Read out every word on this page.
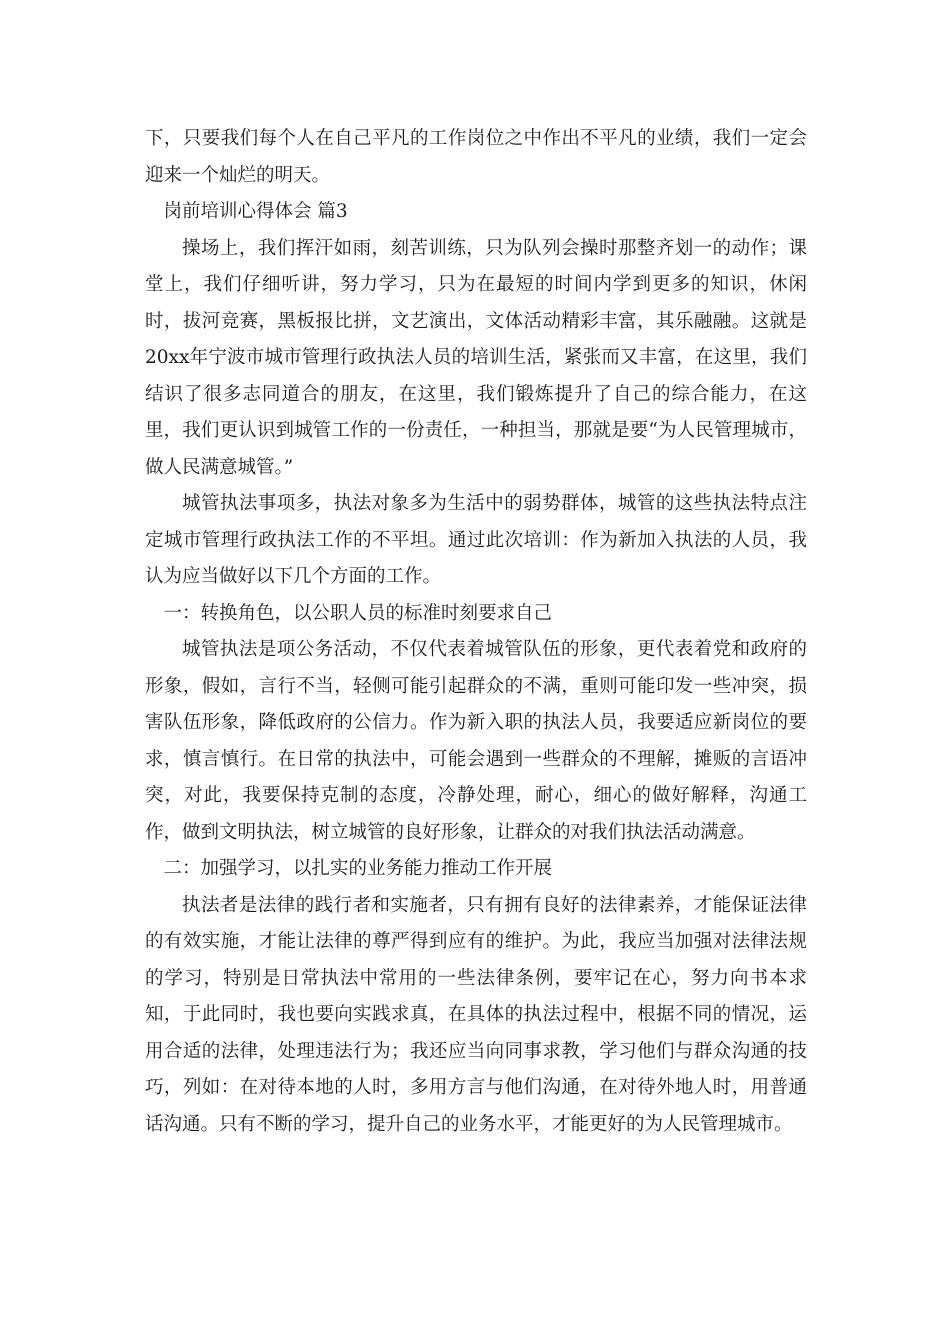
下，只要我们每个人在自己平凡的工作岗位之中作出不平凡的业绩，我们一定会迎来一个灿烂的明天。

岗前培训心得体会 篇3

操场上，我们挥汗如雨，刻苦训练，只为队列会操时那整齐划一的动作；课堂上，我们仔细听讲，努力学习，只为在最短的时间内学到更多的知识，休闲时，拔河竞赛，黑板报比拼，文艺演出，文体活动精彩丰富，其乐融融。这就是20xx年宁波市城市管理行政执法人员的培训生活，紧张而又丰富，在这里，我们结识了很多志同道合的朋友，在这里，我们锻炼提升了自己的综合能力，在这里，我们更认识到城管工作的一份责任，一种担当，那就是要“为人民管理城市，做人民满意城管。”

城管执法事项多，执法对象多为生活中的弱势群体，城管的这些执法特点注定城市管理行政执法工作的不平坦。通过此次培训：作为新加入执法的人员，我认为应当做好以下几个方面的工作。

一：转换角色，以公职人员的标准时刻要求自己

城管执法是项公务活动，不仅代表着城管队伍的形象，更代表着党和政府的形象，假如，言行不当，轻侧可能引起群众的不满，重则可能印发一些冲突，损害队伍形象，降低政府的公信力。作为新入职的执法人员，我要适应新岗位的要求，慎言慎行。在日常的执法中，可能会遇到一些群众的不理解，摊贩的言语冲突，对此，我要保持克制的态度，冷静处理，耐心，细心的做好解释，沟通工作，做到文明执法，树立城管的良好形象，让群众的对我们执法活动满意。

二：加强学习，以扎实的业务能力推动工作开展

执法者是法律的践行者和实施者，只有拥有良好的法律素养，才能保证法律的有效实施，才能让法律的尊严得到应有的维护。为此，我应当加强对法律法规的学习，特别是日常执法中常用的一些法律条例，要牢记在心，努力向书本求知，于此同时，我也要向实践求真，在具体的执法过程中，根据不同的情况，运用合适的法律，处理违法行为；我还应当向同事求教，学习他们与群众沟通的技巧，列如：在对待本地的人时，多用方言与他们沟通，在对待外地人时，用普通话沟通。只有不断的学习，提升自己的业务水平，才能更好的为人民管理城市。
